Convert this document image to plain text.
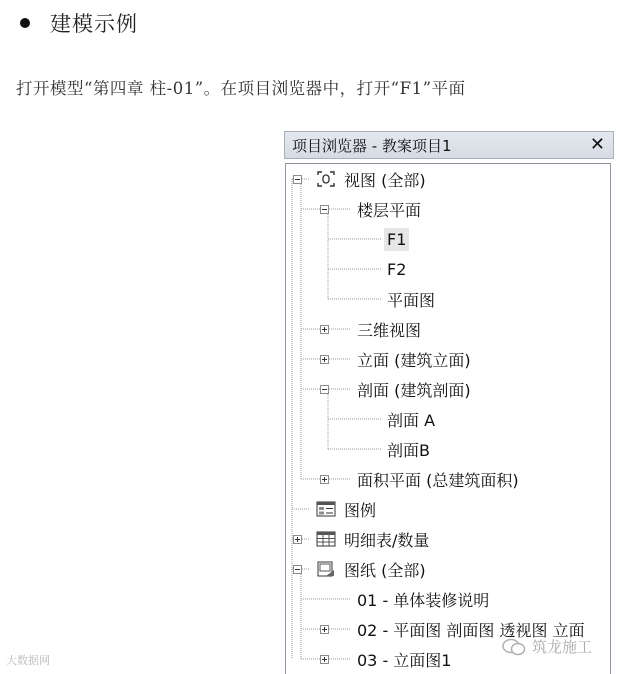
建模示例
打开模型“第四章 柱-01”。在项目浏览器中，打开“F1”平面
项目浏览器 - 教案项目1	✕
视图 (全部)
楼层平面
F1
F2
平面图
三维视图
立面 (建筑立面)
剖面 (建筑剖面)
剖面 A
剖面B
面积平面 (总建筑面积)
图例
明细表/数量
图纸 (全部)
01 - 单体装修说明
02 - 平面图 剖面图 透视图 立面
03 - 立面图1
大数据网
筑龙施工
